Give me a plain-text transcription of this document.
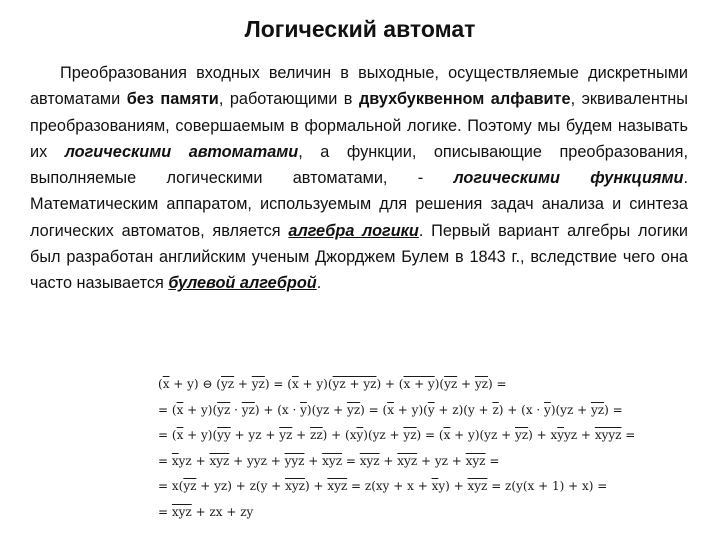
Логический автомат
Преобразования входных величин в выходные, осуществляемые дискретными автоматами без памяти, работающими в двухбуквенном алфавите, эквивалентны преобразованиям, совершаемым в формальной логике. Поэтому мы будем называть их логическими автоматами, а функции, описывающие преобразования, выполняемые логическими автоматами, - логическими функциями. Математическим аппаратом, используемым для решения задач анализа и синтеза логических автоматов, является алгебра логики. Первый вариант алгебры логики был разработан английским ученым Джорджем Булем в 1843 г., вследствие чего она часто называется булевой алгеброй.
$(\overline{x} + y)$ ⊖ $(\overline{yz} + \overline{yz}) = (\overline{x} + y)(yz + yz) + (x + y)(\overline{yz} + \overline{yz})$ =
= $(\overline{x} + y)(\overline{yz} \cdot \overline{yz}) + (x \cdot \overline{y})(yz + \overline{yz}) = (\overline{x} + y)(\overline{y} + z)(y + \overline{z}) + (x \cdot \overline{y})(yz + \overline{yz})$ =
= $(\overline{x} + y)(\overline{yy}$ + yz + $\overline{yz} + \overline{zz}) + (x\overline{y})(yz + \overline{yz}) = (\overline{x} + y)(yz + \overline{yz}) + x\overline{y}yz$ + xyyz =
= $\overline{x}yz + \overline{xyz}$ + yyz + $\overline{yyz} + \overline{xyz} = \overline{xyz} + \overline{xyz}$ + yz + $\overline{xyz}$ =
= $x(\overline{yz} + yz) + z(y + \overline{xyz}) + \overline{xyz} = z(xy + x + \overline{x}y) + \overline{xyz} = z(y(x + 1) + x)$ =
= $\overline{xyz}$ + zx + zy
